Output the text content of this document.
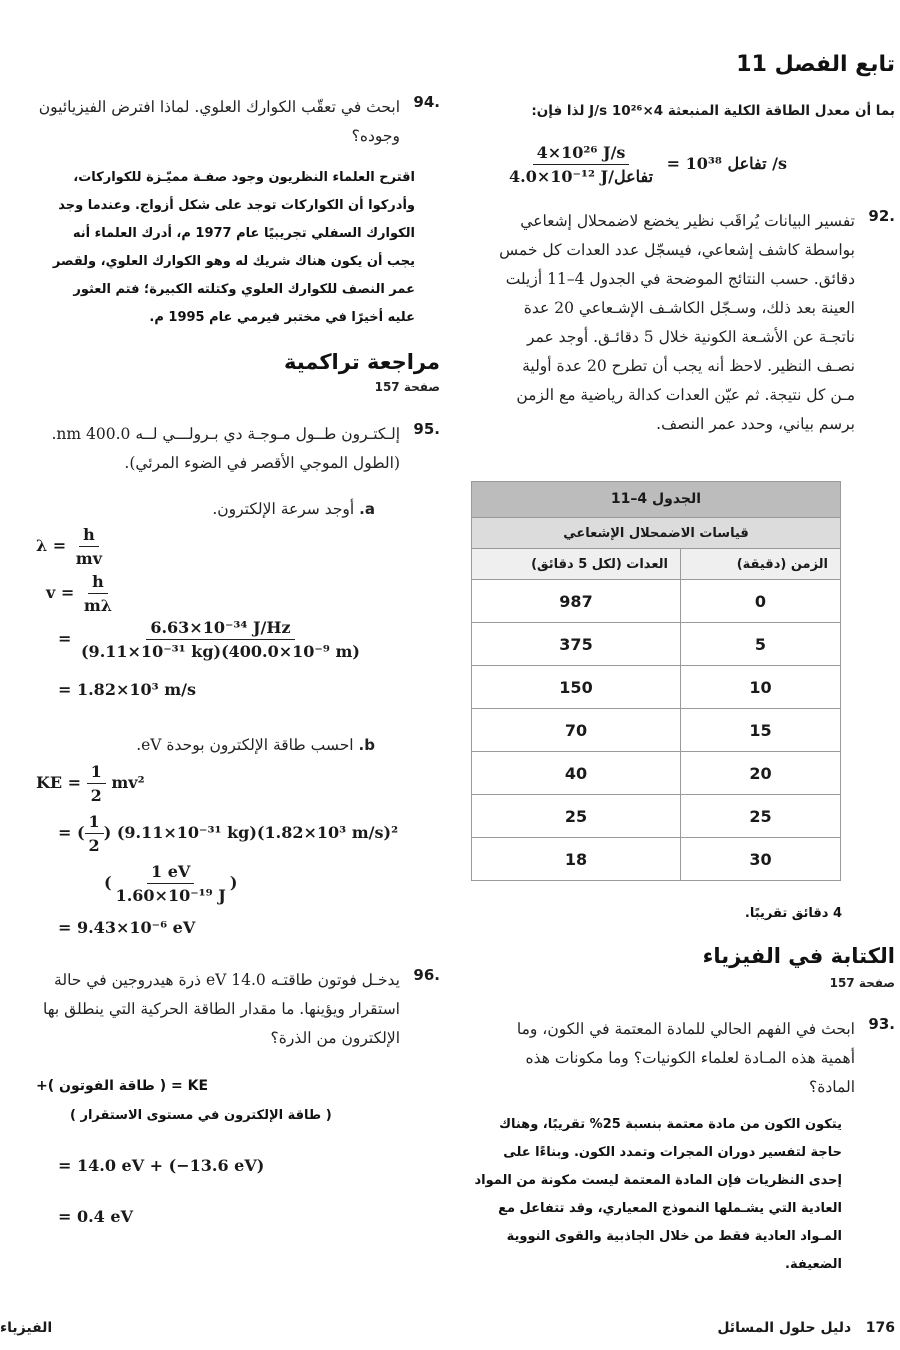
تابع الفصل 11
بما أن معدل الطاقة الكلية المنبعثة 4×10²⁶ J/s لذا فإن:
$\frac{\text{4×10²⁶ J/s}}{\text{4.0×10⁻¹² J/تفاعل}} = 10^{38}$ تفاعل /s
.92
تفسير البيانات يُراقَب نظير يخضع لاضمحلال إشعاعي
بواسطة كاشف إشعاعي، فيسجّل عدد العدات كل خمس
دقائق. حسب النتائج الموضحة في الجدول 4–11 أزيلت
العينة بعد ذلك، وسـجّل الكاشـف الإشـعاعي 20 عدة
ناتجـة عن الأشـعة الكونية خلال 5 دقائـق. أوجد عمر
نصـف النظير. لاحظ أنه يجب أن تطرح 20 عدة أولية
مـن كل نتيجة. ثم عيّن العدات كدالة رياضية مع الزمن
برسم بياني، وحدد عمر النصف.
الجدول 4–11
قياسات الاضمحلال الإشعاعي
الزمن (دقيقة)
العدات (لكل 5 دقائق)
0
987
5
375
10
150
15
70
20
40
25
25
30
18
4 دقائق تقريبًا.
الكتابة في الفيزياء
صفحة 157
.93
ابحث في الفهم الحالي للمادة المعتمة في الكون، وما
أهمية هذه المـادة لعلماء الكونيات؟ وما مكونات هذه
المادة؟
يتكون الكون من مادة معتمة بنسبة 25% تقريبًا، وهناك
حاجة لتفسير دوران المجرات وتمدد الكون. وبناءًا على
إحدى النظريات فإن المادة المعتمة ليست مكونة من المواد
العادية التي يشـملها النموذج المعياري، وقد تتفاعل مع
المـواد العادية فقط من خلال الجاذبية والقوى النووية
الضعيفة.
.94
ابحث في تعقّب الكوارك العلوي. لماذا افترض الفيزيائيون
وجوده؟
اقترح العلماء النظريون وجود صفـة مميّـزة للكواركات،
وأدركوا أن الكواركات توجد على شكل أزواج. وعندما وجد
الكوارك السفلي تجريبيًا عام 1977 م، أدرك العلماء أنه
يجب أن يكون هناك شريك له وهو الكوارك العلوي، ولقصر
عمر النصف للكوارك العلوي وكتلته الكبيرة؛ فتم العثور
عليه أخيرًا في مختبر فيرمي عام 1995 م.
مراجعة تراكمية
صفحة 157
.95
إلـكتـرون طــول مـوجـة دي بـرولـــي لــه 400.0 nm.
(الطول الموجي الأقصر في الضوء المرئي).
a. أوجد سرعة الإلكترون.
$\lambda = \frac{h}{mv}$
$v = \frac{h}{m\lambda}$
= $\frac{\text{6.63×10⁻³⁴ J/Hz}}{\text{(9.11×10⁻³¹ kg)(400.0×10⁻⁹ m)}}$
= 1.82×10³ m/s
b. احسب طاقة الإلكترون بوحدة eV.
KE = $\frac{1}{2} mv^2$
= ( $\frac{1}{2}$ ) (9.11×10⁻³¹ kg)(1.82×10³ m/s)²
( $\frac{1 eV}{\text{1.60×10⁻¹⁹ J}}$ )
= 9.43×10⁻⁶ eV
.96
يدخـل فوتون طاقتـه 14.0 eV ذرة هيدروجين في حالة
استقرار ويؤينها. ما مقدار الطاقة الحركية التي ينطلق بها
الإلكترون من الذرة؟
KE = ( طاقة الفوتون )+
( طاقة الإلكترون في مستوى الاستقرار )
= 14.0 eV + (−13.6 eV)
= 0.4 eV
176   دليل حلول المسائل
الفيزياء
